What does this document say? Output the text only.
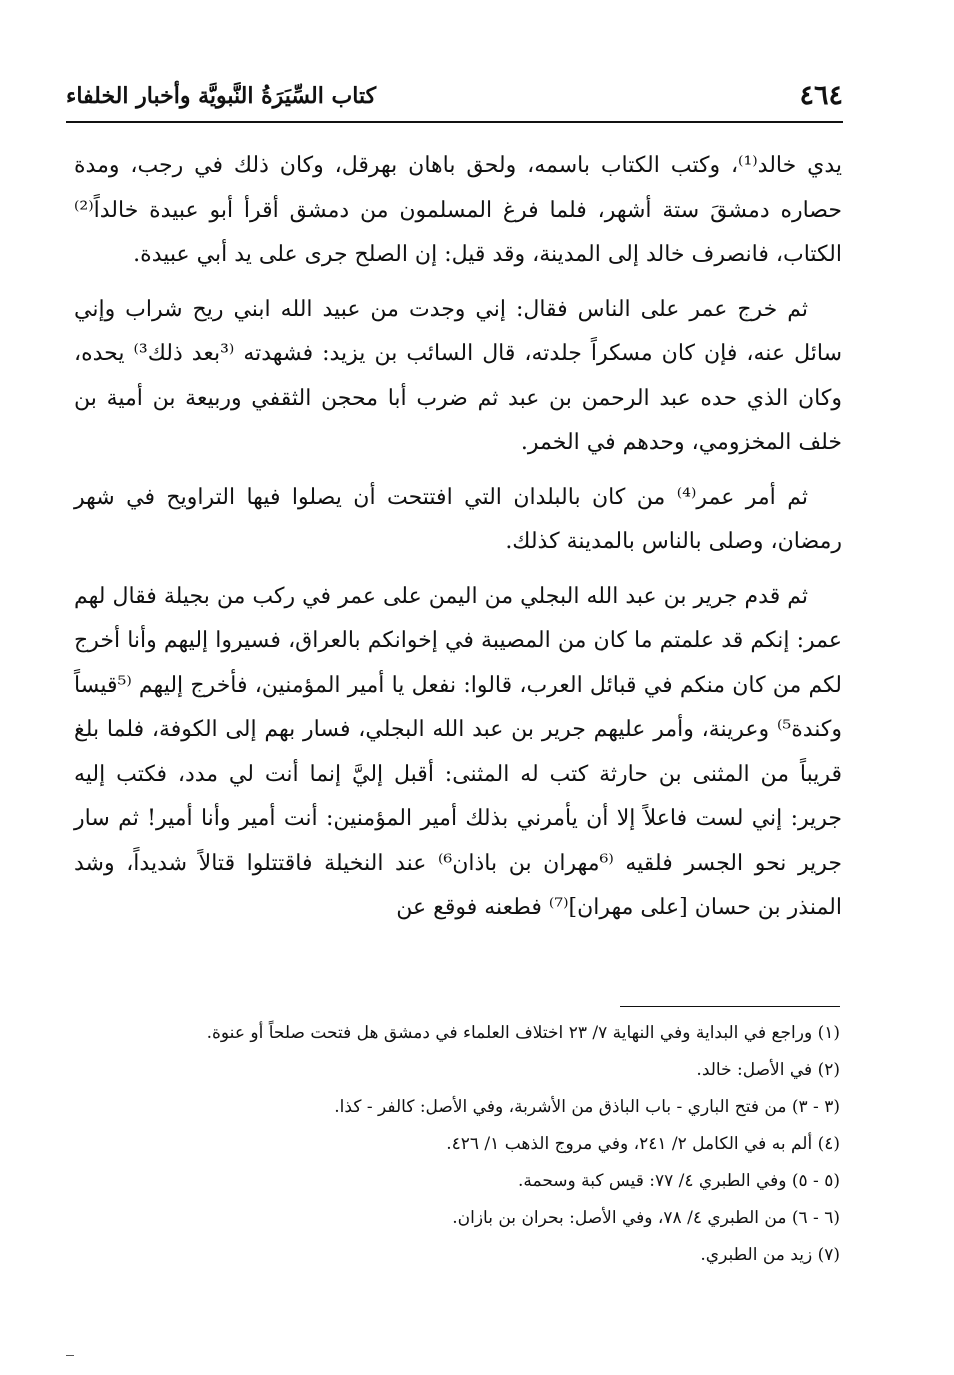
٤٦٤
كتاب السِّيَرَةُ النَّبويَّة وأخبار الخلفاء

يدي خالد⁽¹⁾، وكتب الكتاب باسمه، ولحق باهان بهرقل، وكان ذلك في رجب، ومدة حصاره دمشقَ ستة أشهر، فلما فرغ المسلمون من دمشق أقرأ أبو عبيدة خالداً⁽²⁾ الكتاب، فانصرف خالد إلى المدينة، وقد قيل: إن الصلح جرى على يد أبي عبيدة.

ثم خرج عمر على الناس فقال: إني وجدت من عبيد الله ابني ريح شراب وإني سائل عنه، فإن كان مسكراً جلدته، قال السائب بن يزيد: فشهدته ⁽³بعد ذلك³⁾ يحده، وكان الذي حده عبد الرحمن بن عبد ثم ضرب أبا محجن الثقفي وربيعة بن أمية بن خلف المخزومي، وحدهم في الخمر.

ثم أمر عمر⁽⁴⁾ من كان بالبلدان التي افتتحت أن يصلوا فيها التراويح في شهر رمضان، وصلى بالناس بالمدينة كذلك.

ثم قدم جرير بن عبد الله البجلي من اليمن على عمر في ركب من بجيلة فقال لهم عمر: إنكم قد علمتم ما كان من المصيبة في إخوانكم بالعراق، فسيروا إليهم وأنا أخرج لكم من كان منكم في قبائل العرب، قالوا: نفعل يا أمير المؤمنين، فأخرج إليهم ⁽⁵قيساً وكندة⁵⁾ وعرينة، وأمر عليهم جرير بن عبد الله البجلي، فسار بهم إلى الكوفة، فلما بلغ قريباً من المثنى بن حارثة كتب له المثنى: أقبل إليَّ إنما أنت لي مدد، فكتب إليه جرير: إني لست فاعلاً إلا أن يأمرني بذلك أمير المؤمنين: أنت أمير وأنا أمير! ثم سار جرير نحو الجسر فلقيه ⁽⁶مهران بن باذان⁶⁾ عند النخيلة فاقتتلوا قتالاً شديداً، وشد المنذر بن حسان [على مهران]⁽⁷⁾ فطعنه فوقع عن

(١) وراجع في البداية وفي النهاية ٧/ ٢٣ اختلاف العلماء في دمشق هل فتحت صلحاً أو عنوة.

(٢) في الأصل: خالد.

(٣ - ٣) من فتح الباري - باب الباذق من الأشربة، وفي الأصل: كالفر - كذا.

(٤) ألم به في الكامل ٢/ ٢٤١، وفي مروج الذهب ١/ ٤٢٦.

(٥ - ٥) وفي الطبري ٤/ ٧٧: قيس كبة وسحمة.

(٦ - ٦) من الطبري ٤/ ٧٨، وفي الأصل: بحران بن بازان.

(٧) زيد من الطبري.
